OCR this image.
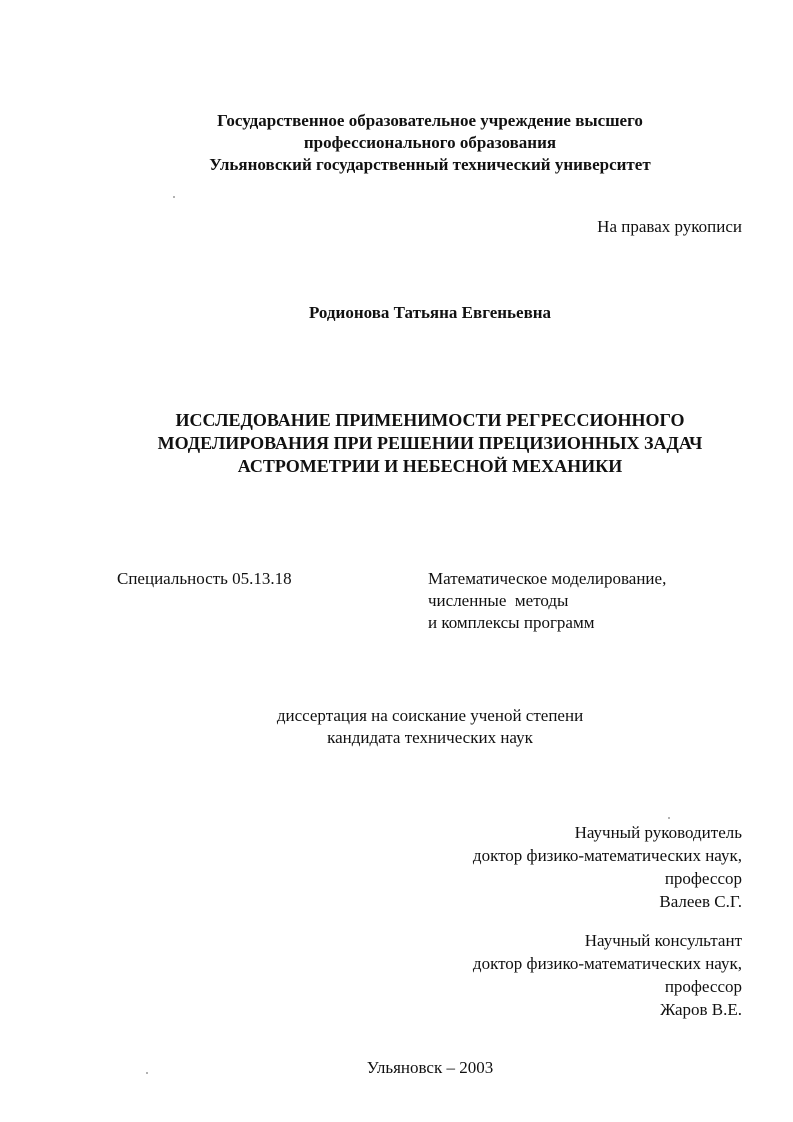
Государственное образовательное учреждение высшего
профессионального образования
Ульяновский государственный технический университет
На правах рукописи
Родионова Татьяна Евгеньевна
ИССЛЕДОВАНИЕ ПРИМЕНИМОСТИ РЕГРЕССИОННОГО
МОДЕЛИРОВАНИЯ ПРИ РЕШЕНИИ ПРЕЦИЗИОННЫХ ЗАДАЧ
АСТРОМЕТРИИ И НЕБЕСНОЙ МЕХАНИКИ
Специальность 05.13.18	Математическое моделирование,
численные  методы
и комплексы программ
диссертация на соискание ученой степени
кандидата технических наук
Научный руководитель
доктор физико-математических наук,
профессор
Валеев С.Г.
Научный консультант
доктор физико-математических наук,
профессор
Жаров В.Е.
Ульяновск – 2003
